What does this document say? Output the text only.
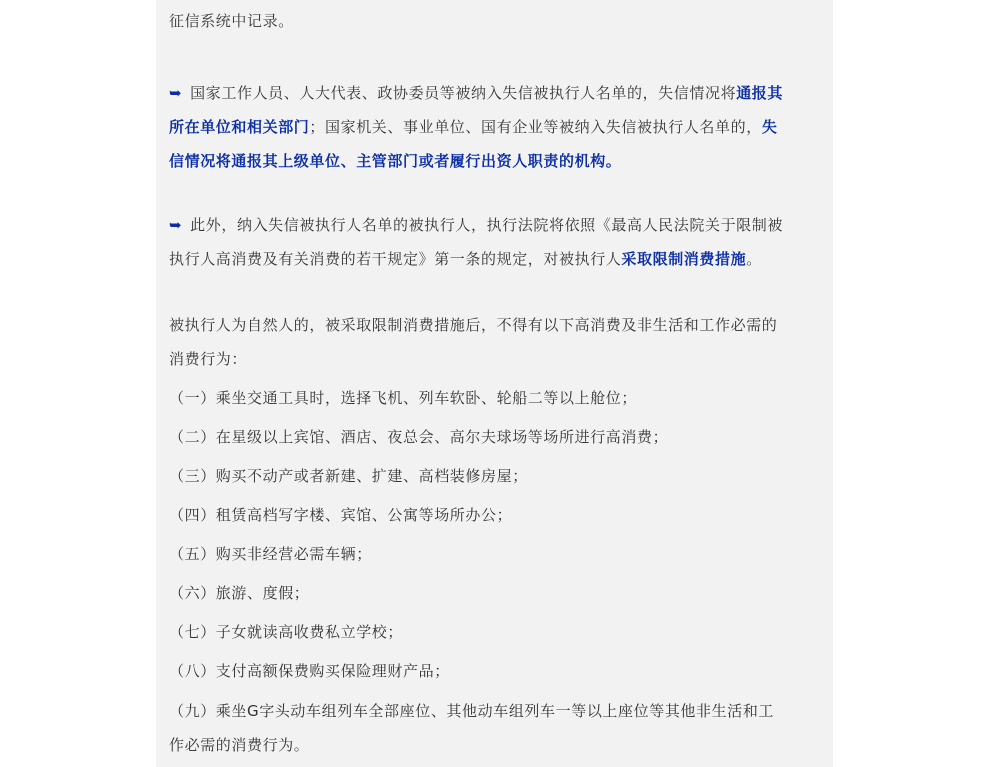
征信系统中记录。
➥ 国家工作人员、人大代表、政协委员等被纳入失信被执行人名单的，失信情况将通报其
所在单位和相关部门；国家机关、事业单位、国有企业等被纳入失信被执行人名单的，失
信情况将通报其上级单位、主管部门或者履行出资人职责的机构。
➥ 此外，纳入失信被执行人名单的被执行人，执行法院将依照《最高人民法院关于限制被
执行人高消费及有关消费的若干规定》第一条的规定，对被执行人采取限制消费措施。
被执行人为自然人的，被采取限制消费措施后，不得有以下高消费及非生活和工作必需的
消费行为：
（一）乘坐交通工具时，选择飞机、列车软卧、轮船二等以上舱位；
（二）在星级以上宾馆、酒店、夜总会、高尔夫球场等场所进行高消费；
（三）购买不动产或者新建、扩建、高档装修房屋；
（四）租赁高档写字楼、宾馆、公寓等场所办公；
（五）购买非经营必需车辆；
（六）旅游、度假；
（七）子女就读高收费私立学校；
（八）支付高额保费购买保险理财产品；
（九）乘坐G字头动车组列车全部座位、其他动车组列车一等以上座位等其他非生活和工
作必需的消费行为。
